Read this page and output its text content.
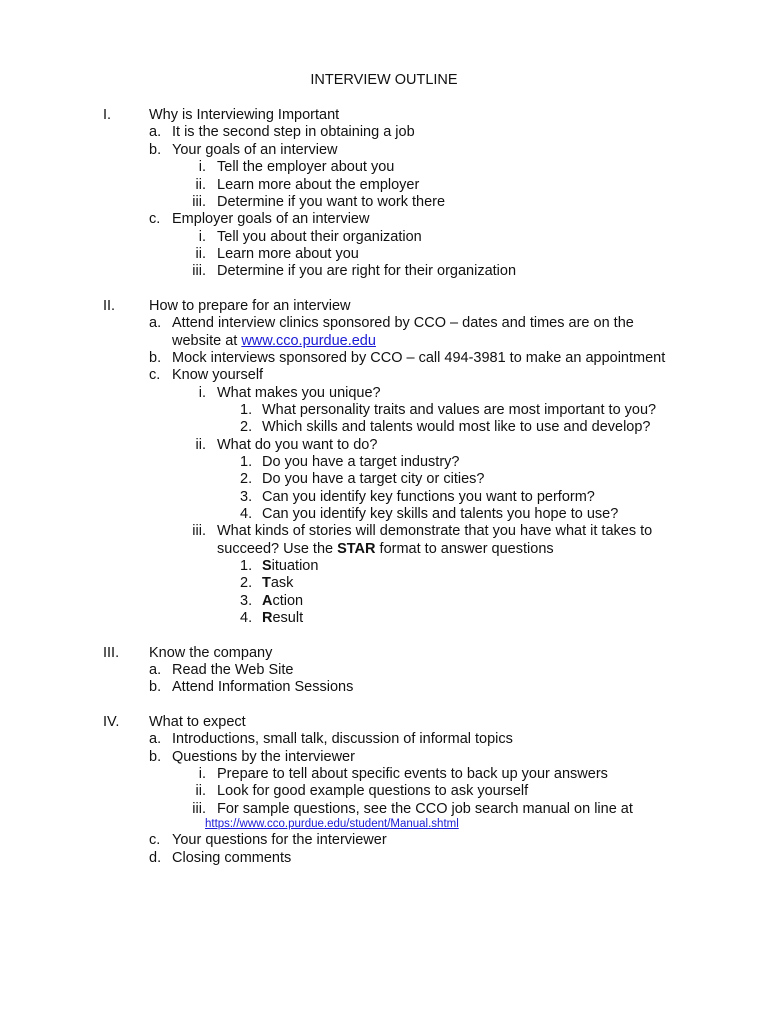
INTERVIEW OUTLINE
I.	Why is Interviewing Important
a. It is the second step in obtaining a job
b. Your goals of an interview
i. Tell the employer about you
ii. Learn more about the employer
iii. Determine if you want to work there
c. Employer goals of an interview
i. Tell you about their organization
ii. Learn more about you
iii. Determine if you are right for their organization
II. How to prepare for an interview
a. Attend interview clinics sponsored by CCO – dates and times are on the
website at www.cco.purdue.edu
b. Mock interviews sponsored by CCO – call 494-3981 to make an appointment
c. Know yourself
i. What makes you unique?
1. What personality traits and values are most important to you?
2. Which skills and talents would most like to use and develop?
ii. What do you want to do?
1. Do you have a target industry?
2. Do you have a target city or cities?
3. Can you identify key functions you want to perform?
4. Can you identify key skills and talents you hope to use?
iii. What kinds of stories will demonstrate that you have what it takes to
succeed? Use the STAR format to answer questions
1. Situation
2. Task
3. Action
4. Result
III. Know the company
a. Read the Web Site
b. Attend Information Sessions
IV. What to expect
a. Introductions, small talk, discussion of informal topics
b. Questions by the interviewer
i. Prepare to tell about specific events to back up your answers
ii. Look for good example questions to ask yourself
iii. For sample questions, see the CCO job search manual on line at
https://www.cco.purdue.edu/student/Manual.shtml
c. Your questions for the interviewer
d. Closing comments
